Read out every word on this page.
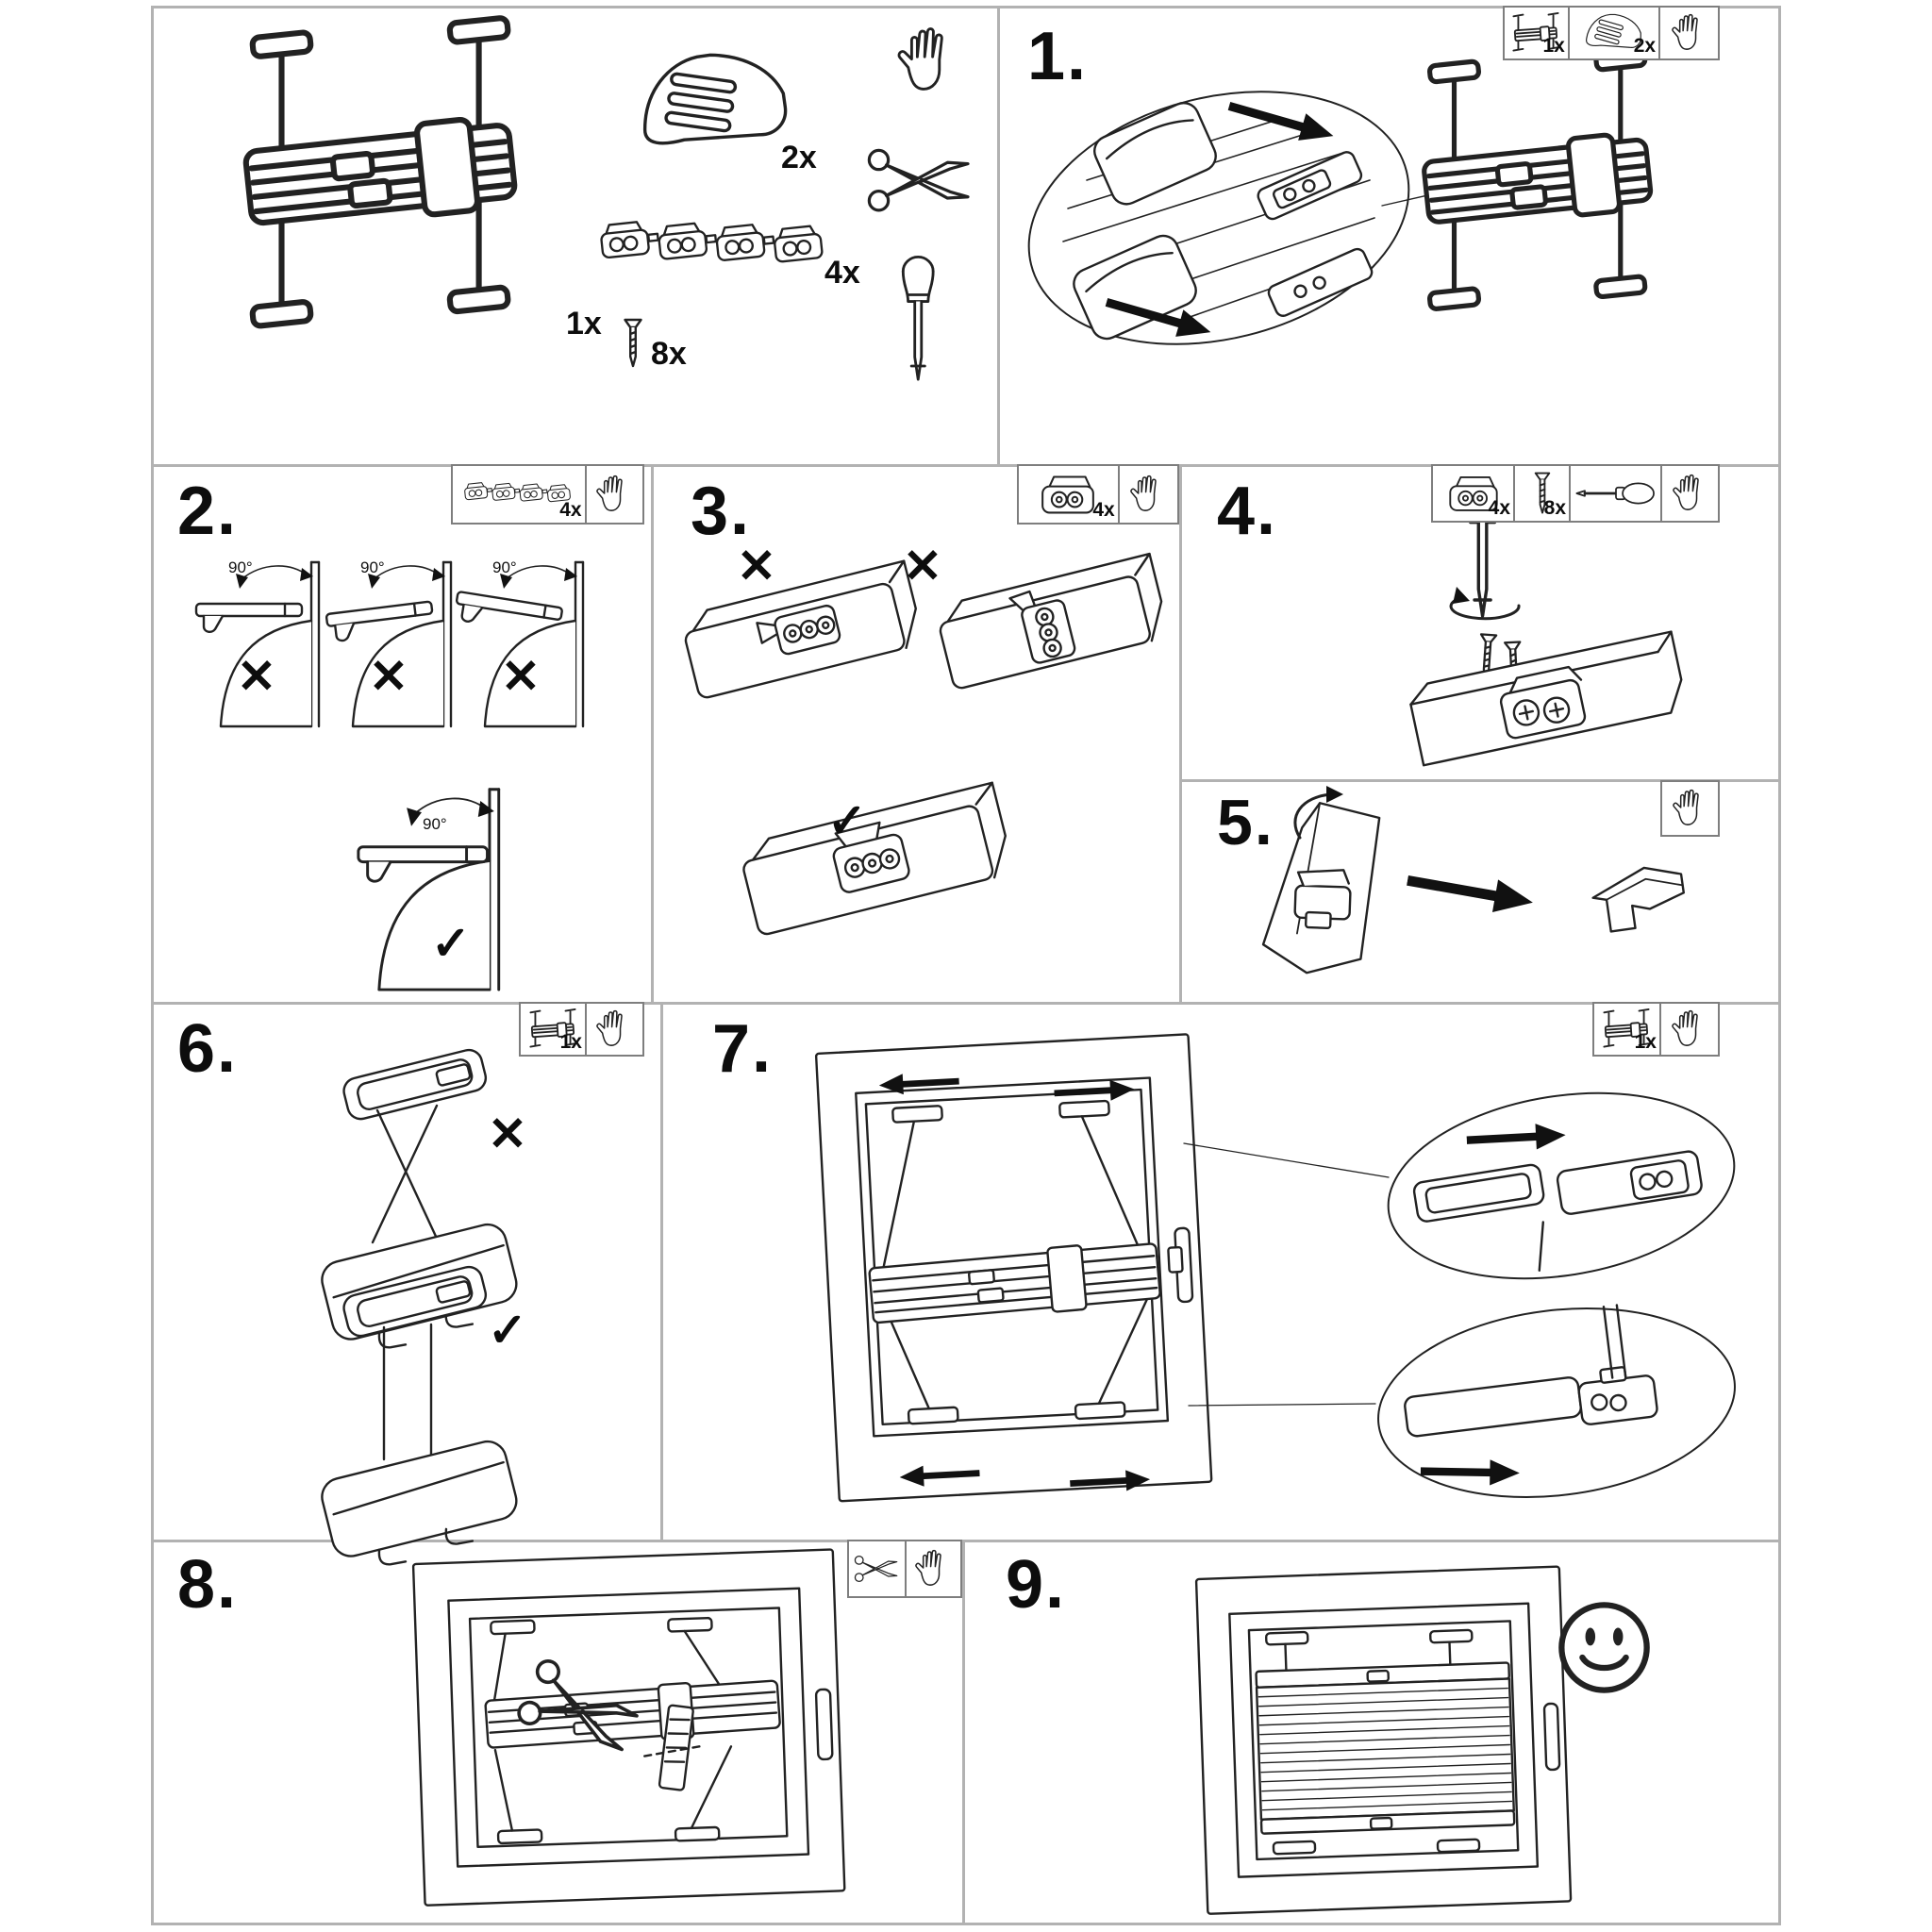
1x
2x
4x
8x
1.	1x	2x
2.
90°	90°	90°
90°
✕ ✕ ✕
✓
4x 3.
✕	✕
✓
4x 4.	4x 8x
5.
6.
✕
✓
1x 7.	1x
8.	9.
